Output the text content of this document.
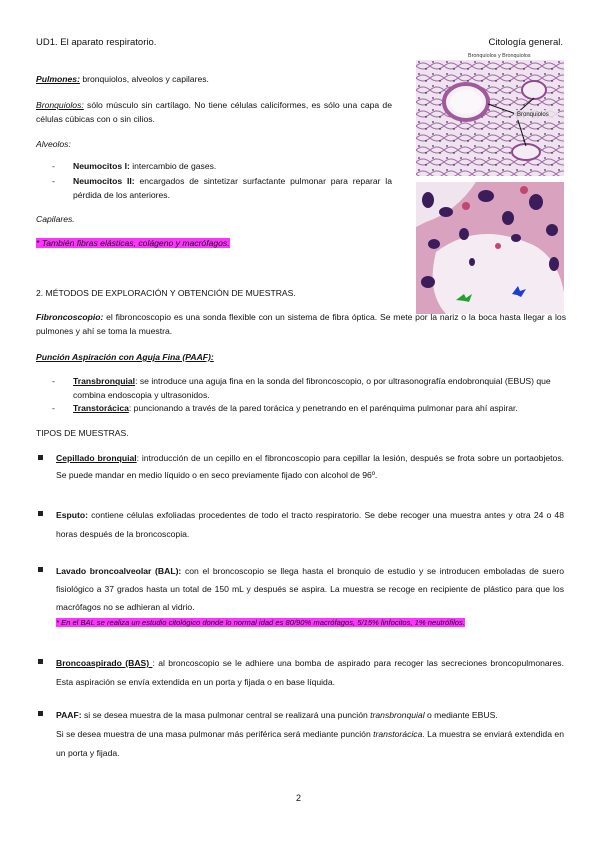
UD1. El aparato respiratorio.	Citología general.
Bronquiolos y Bronquiolos
Bronquiolos
Pulmones: bronquiolos, alveolos y capilares.
Bronquiolos: sólo músculo sin cartílago. No tiene células caliciformes, es sólo una capa de células cúbicas con o sin cilios.
Alveolos:
- Neumocitos I: intercambio de gases.
- Neumocitos II: encargados de sintetizar surfactante pulmonar para reparar la pérdida de los anteriores.
Capilares.
* También fibras elásticas, colágeno y macrófagos.
2. MÉTODOS DE EXPLORACIÓN Y OBTENCIÓN DE MUESTRAS.
Fibroncoscopio: el fibroncoscopio es una sonda flexible con un sistema de fibra óptica. Se mete por la nariz o la boca hasta llegar a los pulmones y ahí se toma la muestra.
Punción Aspiración con Aguja Fina (PAAF):
- Transbronquial: se introduce una aguja fina en la sonda del fibroncoscopio, o por ultrasonografía endobronquial (EBUS) que combina endoscopia y ultrasonidos.
- Transtorácica: puncionando a través de la pared torácica y penetrando en el parénquima pulmonar para ahí aspirar.
TIPOS DE MUESTRAS.
Cepillado bronquial: introducción de un cepillo en el fibroncoscopio para cepillar la lesión, después se frota sobre un portaobjetos. Se puede mandar en medio líquido o en seco previamente fijado con alcohol de 96º.
Esputo: contiene células exfoliadas procedentes de todo el tracto respiratorio. Se debe recoger una muestra antes y otra 24 o 48 horas después de la broncoscopia.
Lavado broncoalveolar (BAL): con el broncoscopio se llega hasta el bronquio de estudio y se introducen emboladas de suero fisiológico a 37 grados hasta un total de 150 mL y después se aspira. La muestra se recoge en recipiente de plástico para que los macrófagos no se adhieran al vidrio.
* En el BAL se realiza un estudio citológico donde lo normal idad es 80/90% macrófagos, 5/15% linfocitos, 1% neutrófilos.
Broncoaspirado (BAS) : al broncoscopio se le adhiere una bomba de aspirado para recoger las secreciones broncopulmonares. Esta aspiración se envía extendida en un porta y fijada o en base líquida.
PAAF: si se desea muestra de la masa pulmonar central se realizará una punción transbronquial o mediante EBUS.
Si se desea muestra de una masa pulmonar más periférica será mediante punción transtorácica. La muestra se enviará extendida en un porta y fijada.
2
